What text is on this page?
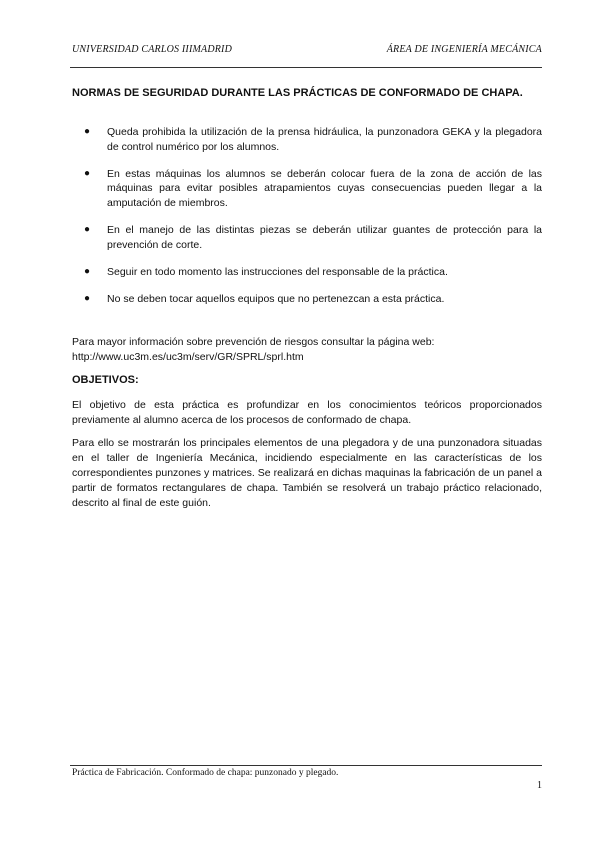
UNIVERSIDAD CARLOS IIIMADRID	ÁREA DE INGENIERÍA MECÁNICA
NORMAS DE SEGURIDAD DURANTE LAS PRÁCTICAS DE CONFORMADO DE CHAPA.
● Queda prohibida la utilización de la prensa hidráulica, la punzonadora GEKA y la plegadora de control numérico por los alumnos.
● En estas máquinas los alumnos se deberán colocar fuera de la zona de acción de las máquinas para evitar posibles atrapamientos cuyas consecuencias pueden llegar a la amputación de miembros.
● En el manejo de las distintas piezas se deberán utilizar guantes de protección para la prevención de corte.
● Seguir en todo momento las instrucciones del responsable de la práctica.
● No se deben tocar aquellos equipos que no pertenezcan a esta práctica.
Para mayor información sobre prevención de riesgos consultar la página web:
http://www.uc3m.es/uc3m/serv/GR/SPRL/sprl.htm
OBJETIVOS:
El objetivo de esta práctica es profundizar en los conocimientos teóricos proporcionados previamente al alumno acerca de los procesos de conformado de chapa.
Para ello se mostrarán los principales elementos de una plegadora y de una punzonadora situadas en el taller de Ingeniería Mecánica, incidiendo especialmente en las características de los correspondientes punzones y matrices. Se realizará en dichas maquinas la fabricación de un panel a partir de formatos rectangulares de chapa. También se resolverá un trabajo práctico relacionado, descrito al final de este guión.
Práctica de Fabricación. Conformado de chapa: punzonado y plegado.
1
